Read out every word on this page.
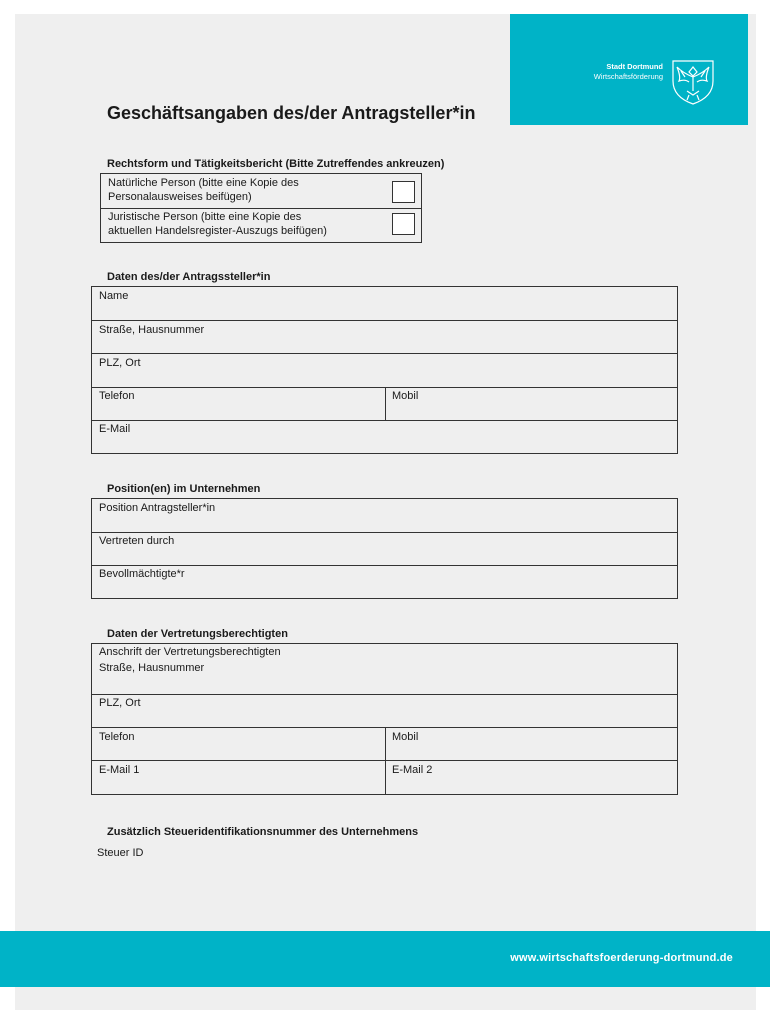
Stadt Dortmund
Wirtschaftsförderung
Geschäftsangaben des/der Antragsteller*in
Rechtsform und Tätigkeitsbericht (Bitte Zutreffendes ankreuzen)
Natürliche Person (bitte eine Kopie des
Personalausweises beifügen)
Juristische Person (bitte eine Kopie des
aktuellen Handelsregister-Auszugs beifügen)
Daten des/der Antragssteller*in
Name
Straße, Hausnummer
PLZ, Ort
Telefon	Mobil
E-Mail
Position(en) im Unternehmen
Position Antragsteller*in
Vertreten durch
Bevollmächtigte*r
Daten der Vertretungsberechtigten
Anschrift der Vertretungsberechtigten
Straße, Hausnummer
PLZ, Ort
Telefon	Mobil
E-Mail 1	E-Mail 2
Zusätzlich Steueridentifikationsnummer des Unternehmens
Steuer ID
www.wirtschaftsfoerderung-dortmund.de
